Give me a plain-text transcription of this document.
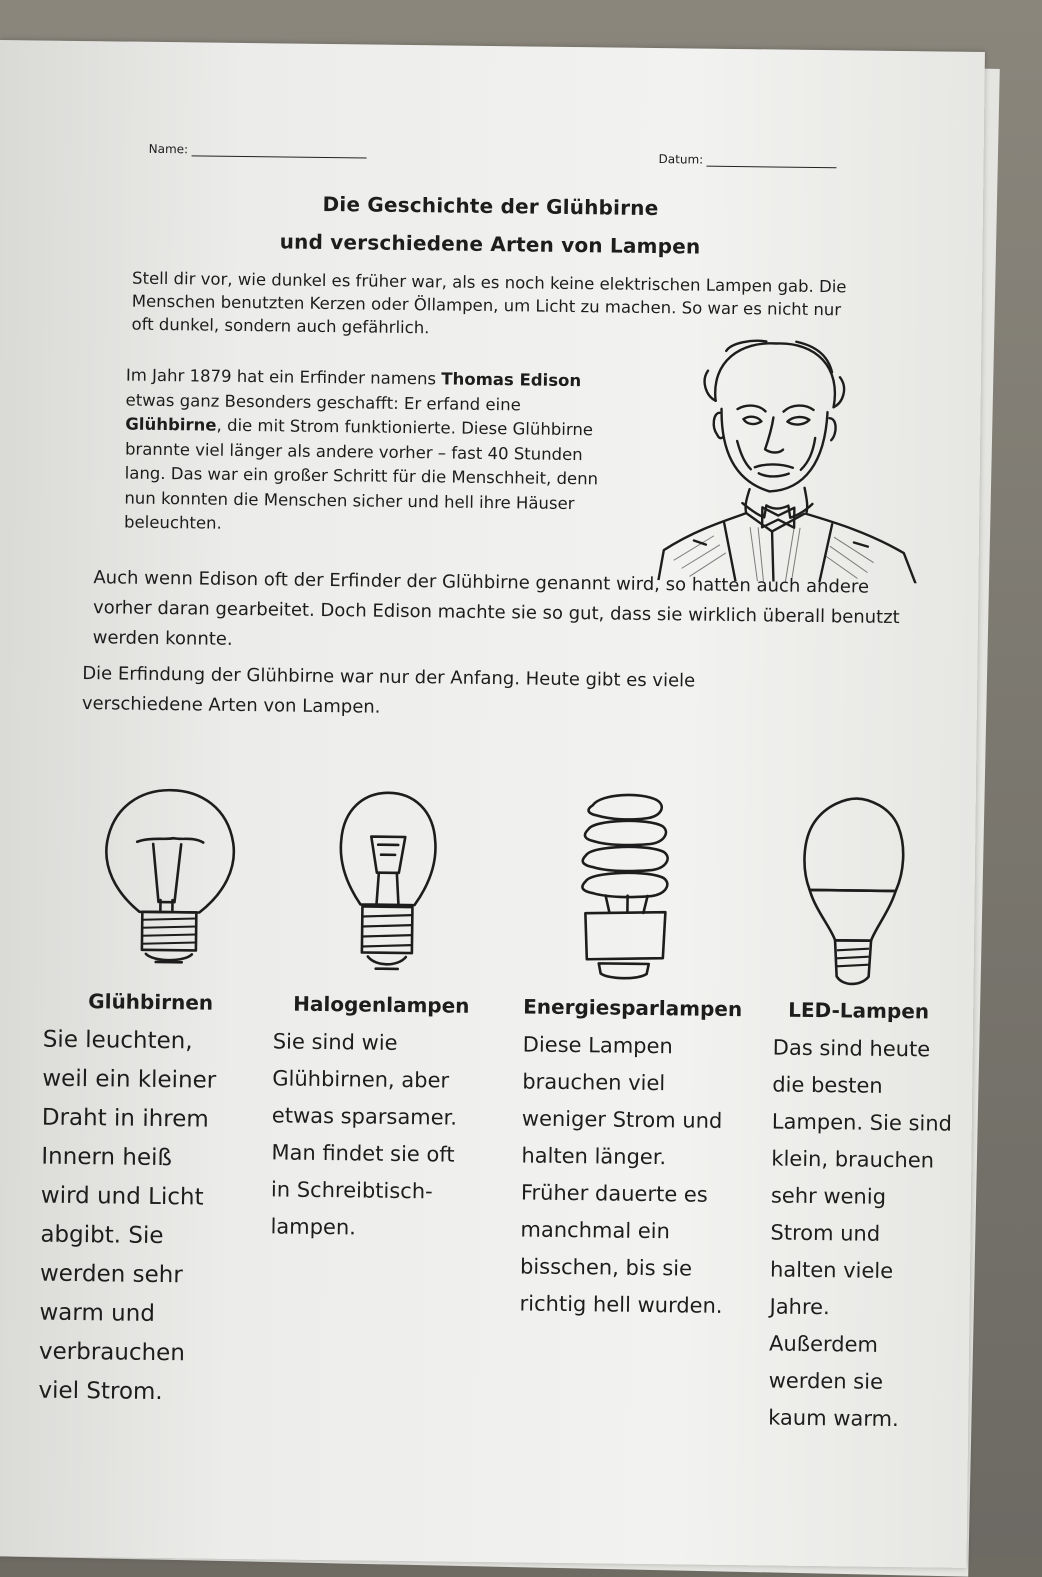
Name:
Datum:
Die Geschichte der Glühbirne
und verschiedene Arten von Lampen
Stell dir vor, wie dunkel es früher war, als es noch keine elektrischen Lampen gab. Die Menschen benutzten Kerzen oder Öllampen, um Licht zu machen. So war es nicht nur oft dunkel, sondern auch gefährlich.
Im Jahr 1879 hat ein Erfinder namens Thomas Edison etwas ganz Besonders geschafft: Er erfand eine Glühbirne, die mit Strom funktionierte. Diese Glühbirne brannte viel länger als andere vorher – fast 40 Stunden lang. Das war ein großer Schritt für die Menschheit, denn nun konnten die Menschen sicher und hell ihre Häuser beleuchten.
Auch wenn Edison oft der Erfinder der Glühbirne genannt wird, so hatten auch andere vorher daran gearbeitet. Doch Edison machte sie so gut, dass sie wirklich überall benutzt werden konnte.
Die Erfindung der Glühbirne war nur der Anfang. Heute gibt es viele verschiedene Arten von Lampen.
Glühbirnen	Halogenlampen	Energiesparlampen LED-Lampen
Sie leuchten,
weil ein kleiner
Draht in ihrem
Innern heiß
wird und Licht
abgibt. Sie
werden sehr
warm und
verbrauchen
viel Strom.
Sie sind wie
Glühbirnen, aber
etwas sparsamer.
Man findet sie oft
in Schreibtisch-
lampen.
Diese Lampen
brauchen viel
weniger Strom und
halten länger.
Früher dauerte es
manchmal ein
bisschen, bis sie
richtig hell wurden.
Das sind heute
die besten
Lampen. Sie sind
klein, brauchen
sehr wenig
Strom und
halten viele
Jahre.
Außerdem
werden sie
kaum warm.
